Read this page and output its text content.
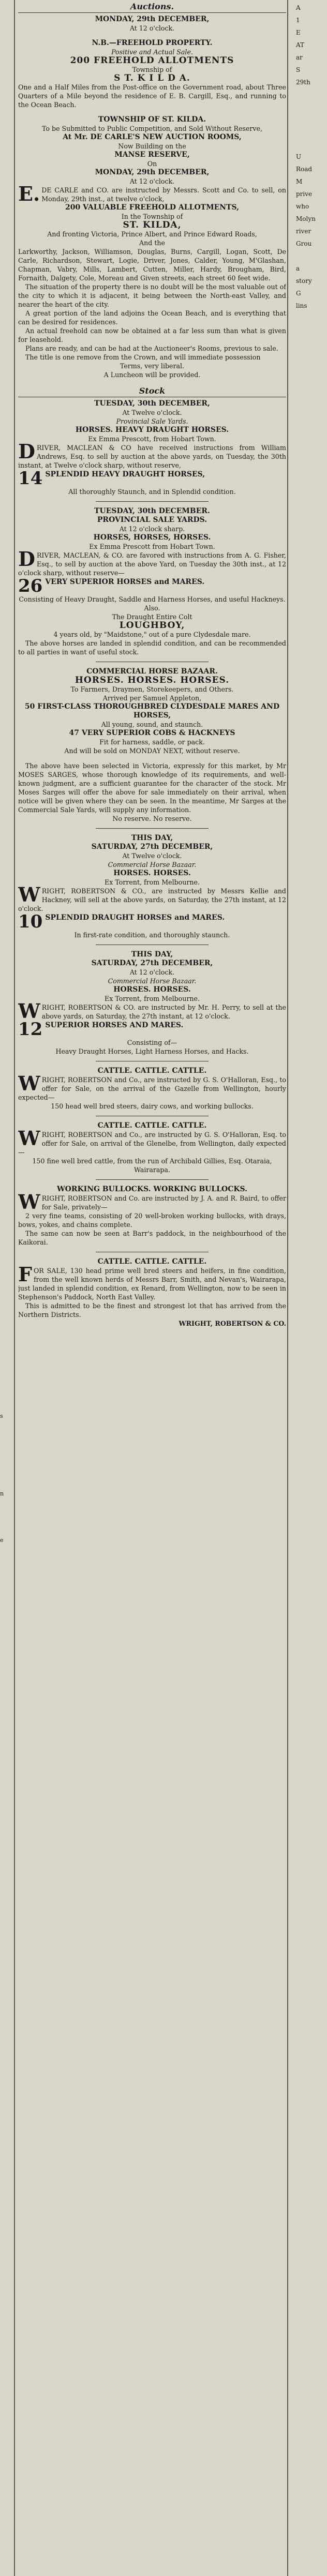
s
n
e
A
1
E
AT
ar
S
29th
U
Road
M
prive
who
Molyn
river
Grou
a
story
G
lins
Auctions.
MONDAY, 29th DECEMBER,
At 12 o'clock.
N.B.—FREEHOLD PROPERTY.
Positive and Actual Sale.
200 FREEHOLD ALLOTMENTS
Township of
S T. K I L D A.
One and a Half Miles from the Post-office on the Government road, about Three Quarters of a Mile beyond the residence of E. B. Cargill, Esq., and running to the Ocean Beach.
TOWNSHIP OF ST. KILDA.
To be Submitted to Public Competition, and Sold Without Reserve,
At Mr. DE CARLE'S NEW AUCTION ROOMS,
Now Building on the
MANSE RESERVE,
On
MONDAY, 29th DECEMBER,
At 12 o'clock.
E.DE CARLE and CO. are instructed by Messrs. Scott and Co. to sell, on Monday, 29th inst., at twelve o'clock,
200 VALUABLE FREEHOLD ALLOTMENTS,
In the Township of
ST. KILDA,
And fronting Victoria, Prince Albert, and Prince Edward Roads,
And the
Larkworthy, Jackson, Williamson, Douglas, Burns, Cargill, Logan, Scott, De Carle, Richardson, Stewart, Logie, Driver, Jones, Calder, Young, M'Glashan, Chapman, Vabry, Mills, Lambert, Cutten, Miller, Hardy, Brougham, Bird, Fornaith, Dalgety, Cole, Moreau and Given streets, each street 60 feet wide.
The situation of the property there is no doubt will be the most valuable out of the city to which it is adjacent, it being between the North-east Valley, and nearer the heart of the city.
A great portion of the land adjoins the Ocean Beach, and is everything that can be desired for residences.
An actual freehold can now be obtained at a far less sum than what is given for leasehold.
Plans are ready, and can be had at the Auctioneer's Rooms, previous to sale.
The title is one remove from the Crown, and will immediate possession
Terms, very liberal.
A Luncheon will be provided.
Stock
TUESDAY, 30th DECEMBER,
At Twelve o'clock.
Provincial Sale Yards.
HORSES. HEAVY DRAUGHT HORSES.
Ex Emma Prescott, from Hobart Town.
DRIVER, MACLEAN & CO have received instructions from William Andrews, Esq. to sell by auction at the above yards, on Tuesday, the 30th instant, at Twelve o'clock sharp, without reserve,
14 SPLENDID HEAVY DRAUGHT HORSES,
All thoroughly Staunch, and in Splendid condition.
TUESDAY, 30th DECEMBER.
PROVINCIAL SALE YARDS.
At 12 o'clock sharp.
HORSES, HORSES, HORSES.
Ex Emma Prescott from Hobart Town.
DRIVER, MACLEAN, & CO. are favored with instructions from A. G. Fisher, Esq., to sell by auction at the above Yard, on Tuesday the 30th inst., at 12 o'clock sharp, without reserve—
26 VERY SUPERIOR HORSES and MARES.
Consisting of Heavy Draught, Saddle and Harness Horses, and useful Hackneys.
Also.
The Draught Entire Colt
LOUGHBOY,
4 years old, by "Maidstone," out of a pure Clydesdale mare.
The above horses are landed in splendid condition, and can be recommended to all parties in want of useful stock.
COMMERCIAL HORSE BAZAAR.
HORSES. HORSES. HORSES.
To Farmers, Draymen, Storekeepers, and Others.
Arrived per Samuel Appleton,
50 FIRST-CLASS THOROUGHBRED CLYDESDALE MARES AND HORSES,
All young, sound, and staunch.
47 VERY SUPERIOR COBS & HACKNEYS
Fit for harness, saddle, or pack.
And will be sold on MONDAY NEXT, without reserve.
The above have been selected in Victoria, expressly for this market, by Mr MOSES SARGES, whose thorough knowledge of its requirements, and well-known judgment, are a sufficient guarantee for the character of the stock. Mr Moses Sarges will offer the above for sale immediately on their arrival, when notice will be given where they can be seen. In the meantime, Mr Sarges at the Commercial Sale Yards, will supply any information.
No reserve. No reserve.
THIS DAY,
SATURDAY, 27th DECEMBER,
At Twelve o'clock.
Commercial Horse Bazaar.
HORSES. HORSES.
Ex Torrent, from Melbourne.
WRIGHT, ROBERTSON & CO., are instructed by Messrs Kellie and Hackney, will sell at the above yards, on Saturday, the 27th instant, at 12 o'clock.
10 SPLENDID DRAUGHT HORSES and MARES.
In first-rate condition, and thoroughly staunch.
THIS DAY,
SATURDAY, 27th DECEMBER,
At 12 o'clock.
Commercial Horse Bazaar.
HORSES. HORSES.
Ex Torrent, from Melbourne.
WRIGHT, ROBERTSON & CO. are instructed by Mr. H. Perry, to sell at the above yards, on Saturday, the 27th instant, at 12 o'clock.
12 SUPERIOR HORSES AND MARES.
Consisting of—
Heavy Draught Horses, Light Harness Horses, and Hacks.
CATTLE. CATTLE. CATTLE.
WRIGHT, ROBERTSON and Co., are instructed by G. S. O'Halloran, Esq., to offer for Sale, on the arrival of the Gazelle from Wellington, hourly expected—
150 head well bred steers, dairy cows, and working bullocks.
CATTLE. CATTLE. CATTLE.
WRIGHT, ROBERTSON and Co., are instructed by G. S. O'Halloran, Esq. to offer for Sale, on arrival of the Glenelbe, from Wellington, daily expected—
150 fine well bred cattle, from the run of Archibald Gillies, Esq. Otaraia, Wairarapa.
WORKING BULLOCKS. WORKING BULLOCKS.
WRIGHT, ROBERTSON and Co. are instructed by J. A. and R. Baird, to offer for Sale, privately—
2 very fine teams, consisting of 20 well-broken working bullocks, with drays, bows, yokes, and chains complete.
The same can now be seen at Barr's paddock, in the neighbourhood of the Kaikorai.
CATTLE. CATTLE. CATTLE.
FOR SALE, 130 head prime well bred steers and heifers, in fine condition, from the well known herds of Messrs Barr, Smith, and Nevan's, Wairarapa, just landed in splendid condition, ex Renard, from Wellington, now to be seen in Stephenson's Paddock, North East Valley.
This is admitted to be the finest and strongest lot that has arrived from the Northern Districts.
WRIGHT, ROBERTSON & CO.
